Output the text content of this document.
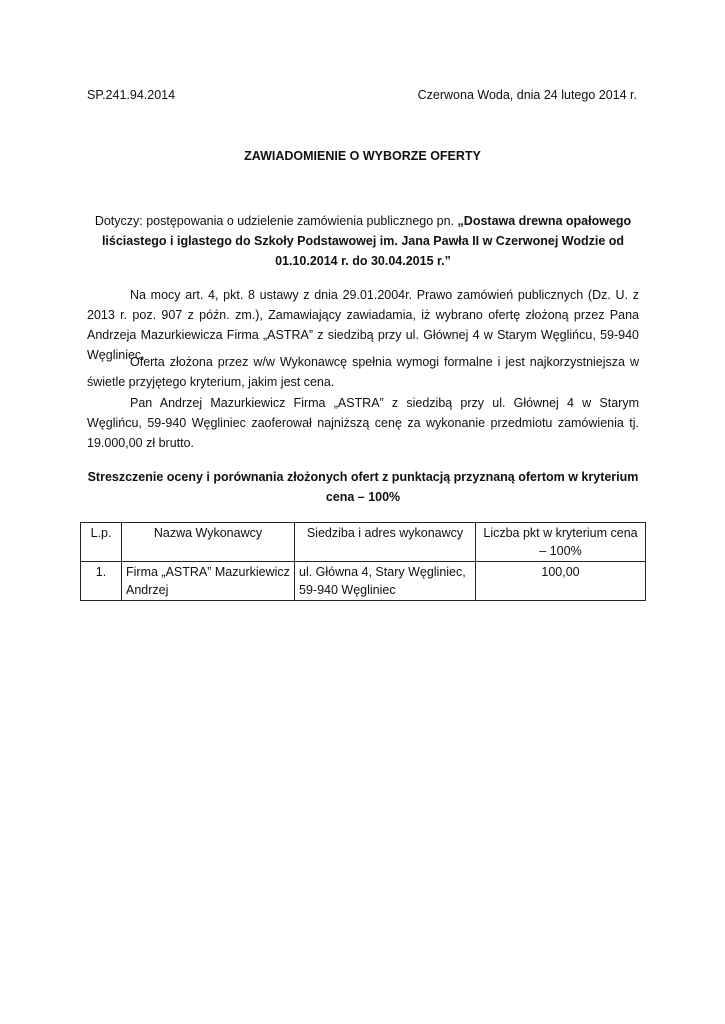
SP.241.94.2014	Czerwona Woda, dnia 24 lutego 2014 r.
ZAWIADOMIENIE O WYBORZE OFERTY
Dotyczy: postępowania o udzielenie zamówienia publicznego pn. „Dostawa drewna opałowego liściastego i iglastego do Szkoły Podstawowej im. Jana Pawła II w Czerwonej Wodzie od 01.10.2014 r. do 30.04.2015 r.”
Na mocy art. 4, pkt. 8 ustawy z dnia 29.01.2004r. Prawo zamówień publicznych (Dz. U. z 2013 r. poz. 907 z późn. zm.), Zamawiający zawiadamia, iż wybrano ofertę złożoną przez Pana Andrzeja Mazurkiewicza Firma „ASTRA” z siedzibą przy ul. Głównej 4 w Starym Węglińcu, 59-940 Węgliniec.
Oferta złożona przez w/w Wykonawcę spełnia wymogi formalne i jest najkorzystniejsza w świetle przyjętego kryterium, jakim jest cena.
Pan Andrzej Mazurkiewicz Firma „ASTRA” z siedzibą przy ul. Głównej 4 w Starym Węglińcu, 59-940 Węgliniec zaoferował najniższą cenę za wykonanie przedmiotu zamówienia tj. 19.000,00 zł brutto.
Streszczenie oceny i porównania złożonych ofert z punktacją przyznaną ofertom w kryterium cena – 100%
L.p.	Nazwa Wykonawcy	Siedziba i adres wykonawcy	Liczba pkt w kryterium cena – 100%
1.	Firma „ASTRA” Mazurkiewicz Andrzej	ul. Główna 4, Stary Węgliniec, 59-940 Węgliniec	100,00
